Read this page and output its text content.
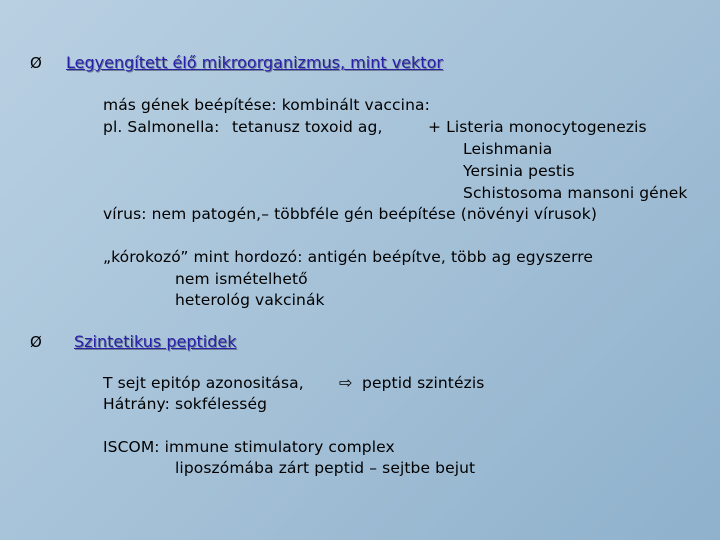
Ø Legyengített élő mikroorganizmus, mint vektor
más gének beépítése: kombinált vaccina:
pl. Salmonella: tetanusz toxoid ag,	+ Listeria monocytogenezis
Leishmania
Yersinia pestis
Schistosoma mansoni gének
vírus: nem patogén,– többféle gén beépítése (növényi vírusok)
„kórokozó” mint hordozó: antigén beépítve, több ag egyszerre
nem ismételhető
heterológ vakcinák
Ø Szintetikus peptidek
T sejt epitóp azonositása, ⇨ peptid szintézis
Hátrány: sokfélesség
ISCOM: immune stimulatory complex
liposzómába zárt peptid – sejtbe bejut
